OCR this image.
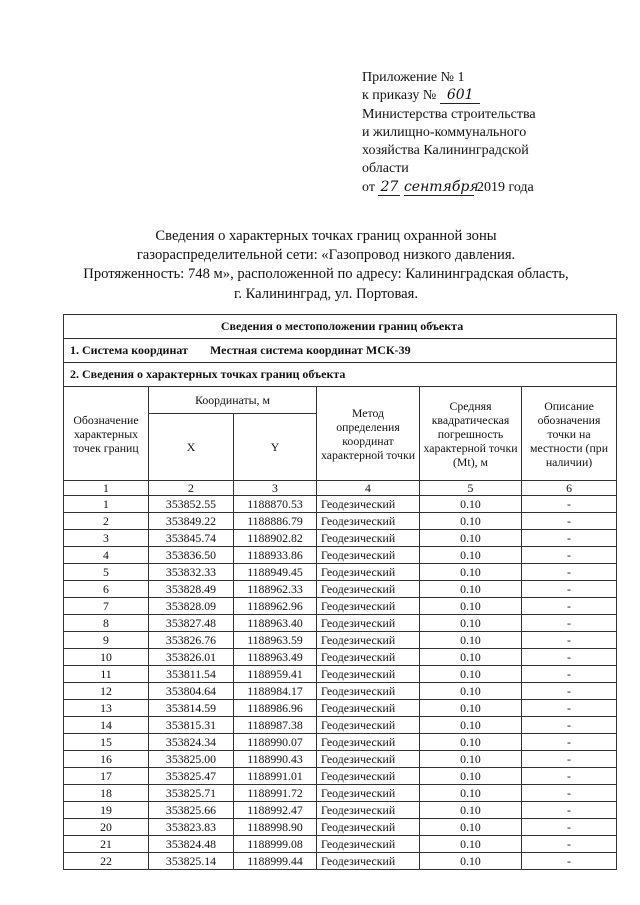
Приложение № 1
к приказу № 601
Министерства строительства
и жилищно-коммунального
хозяйства Калининградской
области
от 27 сентября2019 года
Сведения о характерных точках границ охранной зоны
газораспределительной сети: «Газопровод низкого давления.
Протяженность: 748 м», расположенной по адресу: Калининградская область,
г. Калининград, ул. Портовая.
Сведения о местоположении границ объекта					
1. Система координат Местная система координат МСК-39					
2. Сведения о характерных точках границ объекта					
Обозначение характерных точек границ	Координаты, м		Метод определения координат характерной точки	Средняя квадратическая погрешность характерной точки (Mt), м	Описание обозначения точки на местности (при наличии)
	X	Y			
1	2	3	4	5	6
1	353852.55	1188870.53	Геодезический	0.10	-
2	353849.22	1188886.79	Геодезический	0.10	-
3	353845.74	1188902.82	Геодезический	0.10	-
4	353836.50	1188933.86	Геодезический	0.10	-
5	353832.33	1188949.45	Геодезический	0.10	-
6	353828.49	1188962.33	Геодезический	0.10	-
7	353828.09	1188962.96	Геодезический	0.10	-
8	353827.48	1188963.40	Геодезический	0.10	-
9	353826.76	1188963.59	Геодезический	0.10	-
10	353826.01	1188963.49	Геодезический	0.10	-
11	353811.54	1188959.41	Геодезический	0.10	-
12	353804.64	1188984.17	Геодезический	0.10	-
13	353814.59	1188986.96	Геодезический	0.10	-
14	353815.31	1188987.38	Геодезический	0.10	-
15	353824.34	1188990.07	Геодезический	0.10	-
16	353825.00	1188990.43	Геодезический	0.10	-
17	353825.47	1188991.01	Геодезический	0.10	-
18	353825.71	1188991.72	Геодезический	0.10	-
19	353825.66	1188992.47	Геодезический	0.10	-
20	353823.83	1188998.90	Геодезический	0.10	-
21	353824.48	1188999.08	Геодезический	0.10	-
22	353825.14	1188999.44	Геодезический	0.10	-
